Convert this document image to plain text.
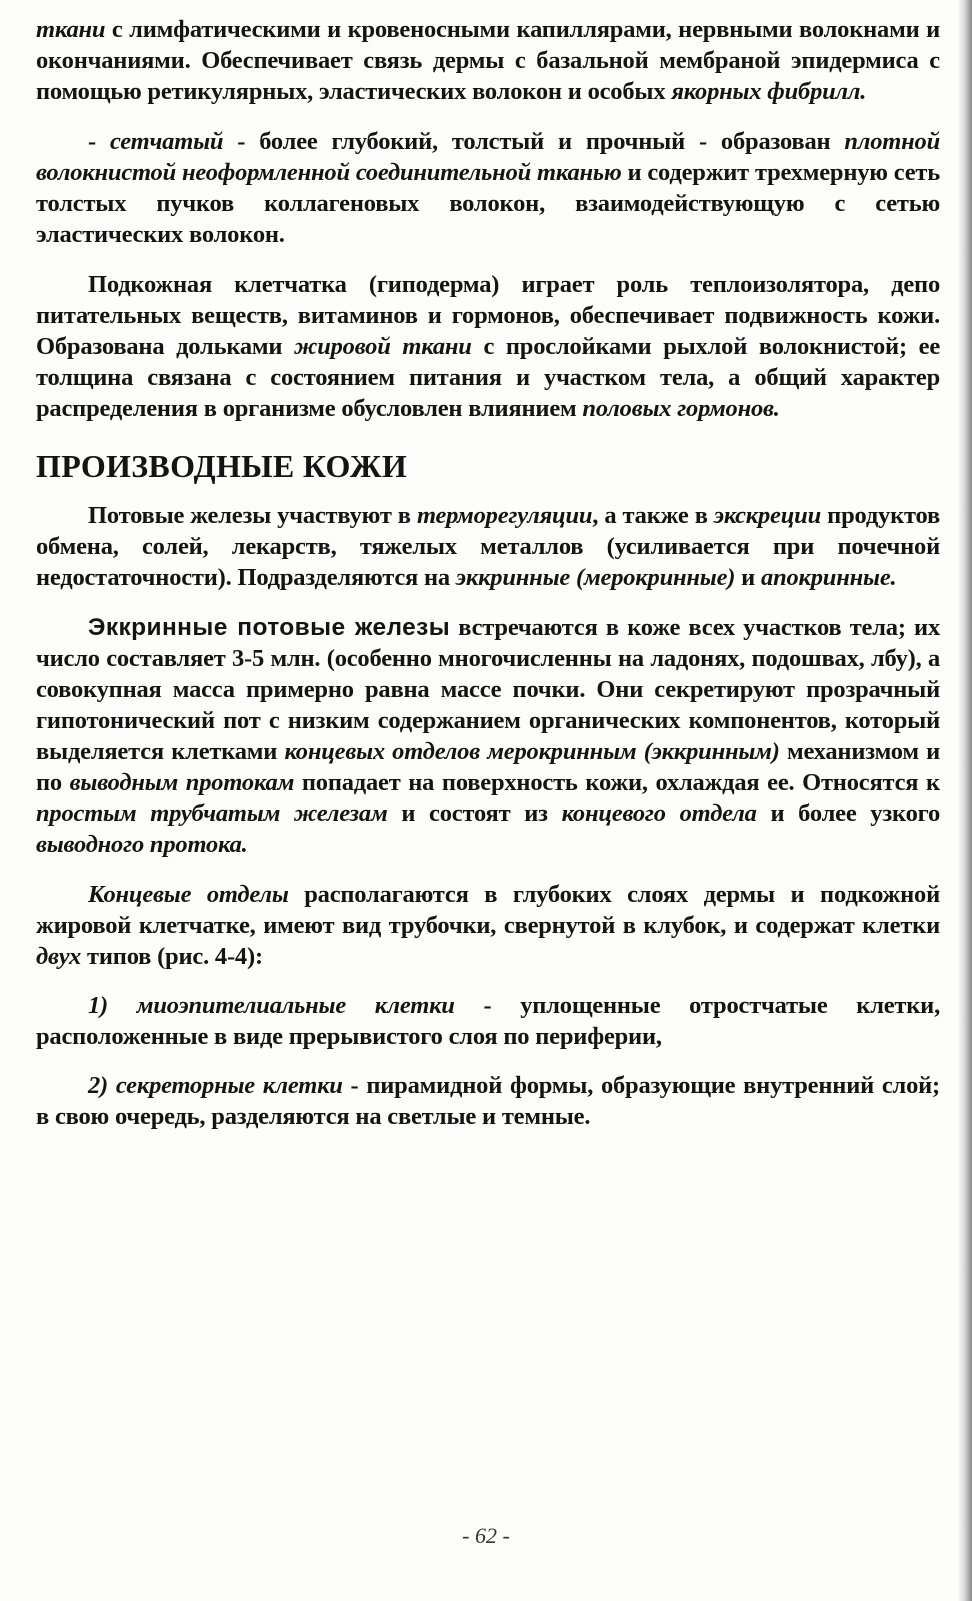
ткани с лимфатическими и кровеносными капиллярами, нервными волокнами и окончаниями. Обеспечивает связь дермы с базальной мембраной эпидермиса с помощью ретикулярных, эластических волокон и особых якорных фибрилл.

- сетчатый - более глубокий, толстый и прочный - образован плотной волокнистой неоформленной соединительной тканью и содержит трехмерную сеть толстых пучков коллагеновых волокон, взаимодействующую с сетью эластических волокон.

Подкожная клетчатка (гиподерма) играет роль теплоизолятора, депо питательных веществ, витаминов и гормонов, обеспечивает подвижность кожи. Образована дольками жировой ткани с прослойками рыхлой волокнистой; ее толщина связана с состоянием питания и участком тела, а общий характер распределения в организме обусловлен влиянием половых гормонов.

ПРОИЗВОДНЫЕ КОЖИ

Потовые железы участвуют в терморегуляции, а также в экскреции продуктов обмена, солей, лекарств, тяжелых металлов (усиливается при почечной недостаточности). Подразделяются на эккринные (мерокринные) и апокринные.

Эккринные потовые железы встречаются в коже всех участков тела; их число составляет 3-5 млн. (особенно многочисленны на ладонях, подошвах, лбу), а совокупная масса примерно равна массе почки. Они секретируют прозрачный гипотонический пот с низким содержанием органических компонентов, который выделяется клетками концевых отделов мерокринным (эккринным) механизмом и по выводным протокам попадает на поверхность кожи, охлаждая ее. Относятся к простым трубчатым железам и состоят из концевого отдела и более узкого выводного протока.

Концевые отделы располагаются в глубоких слоях дермы и подкожной жировой клетчатке, имеют вид трубочки, свернутой в клубок, и содержат клетки двух типов (рис. 4-4):

1) миоэпителиальные клетки - уплощенные отростчатые клетки, расположенные в виде прерывистого слоя по периферии,

2) секреторные клетки - пирамидной формы, образующие внутренний слой; в свою очередь, разделяются на светлые и темные.

- 62 -
